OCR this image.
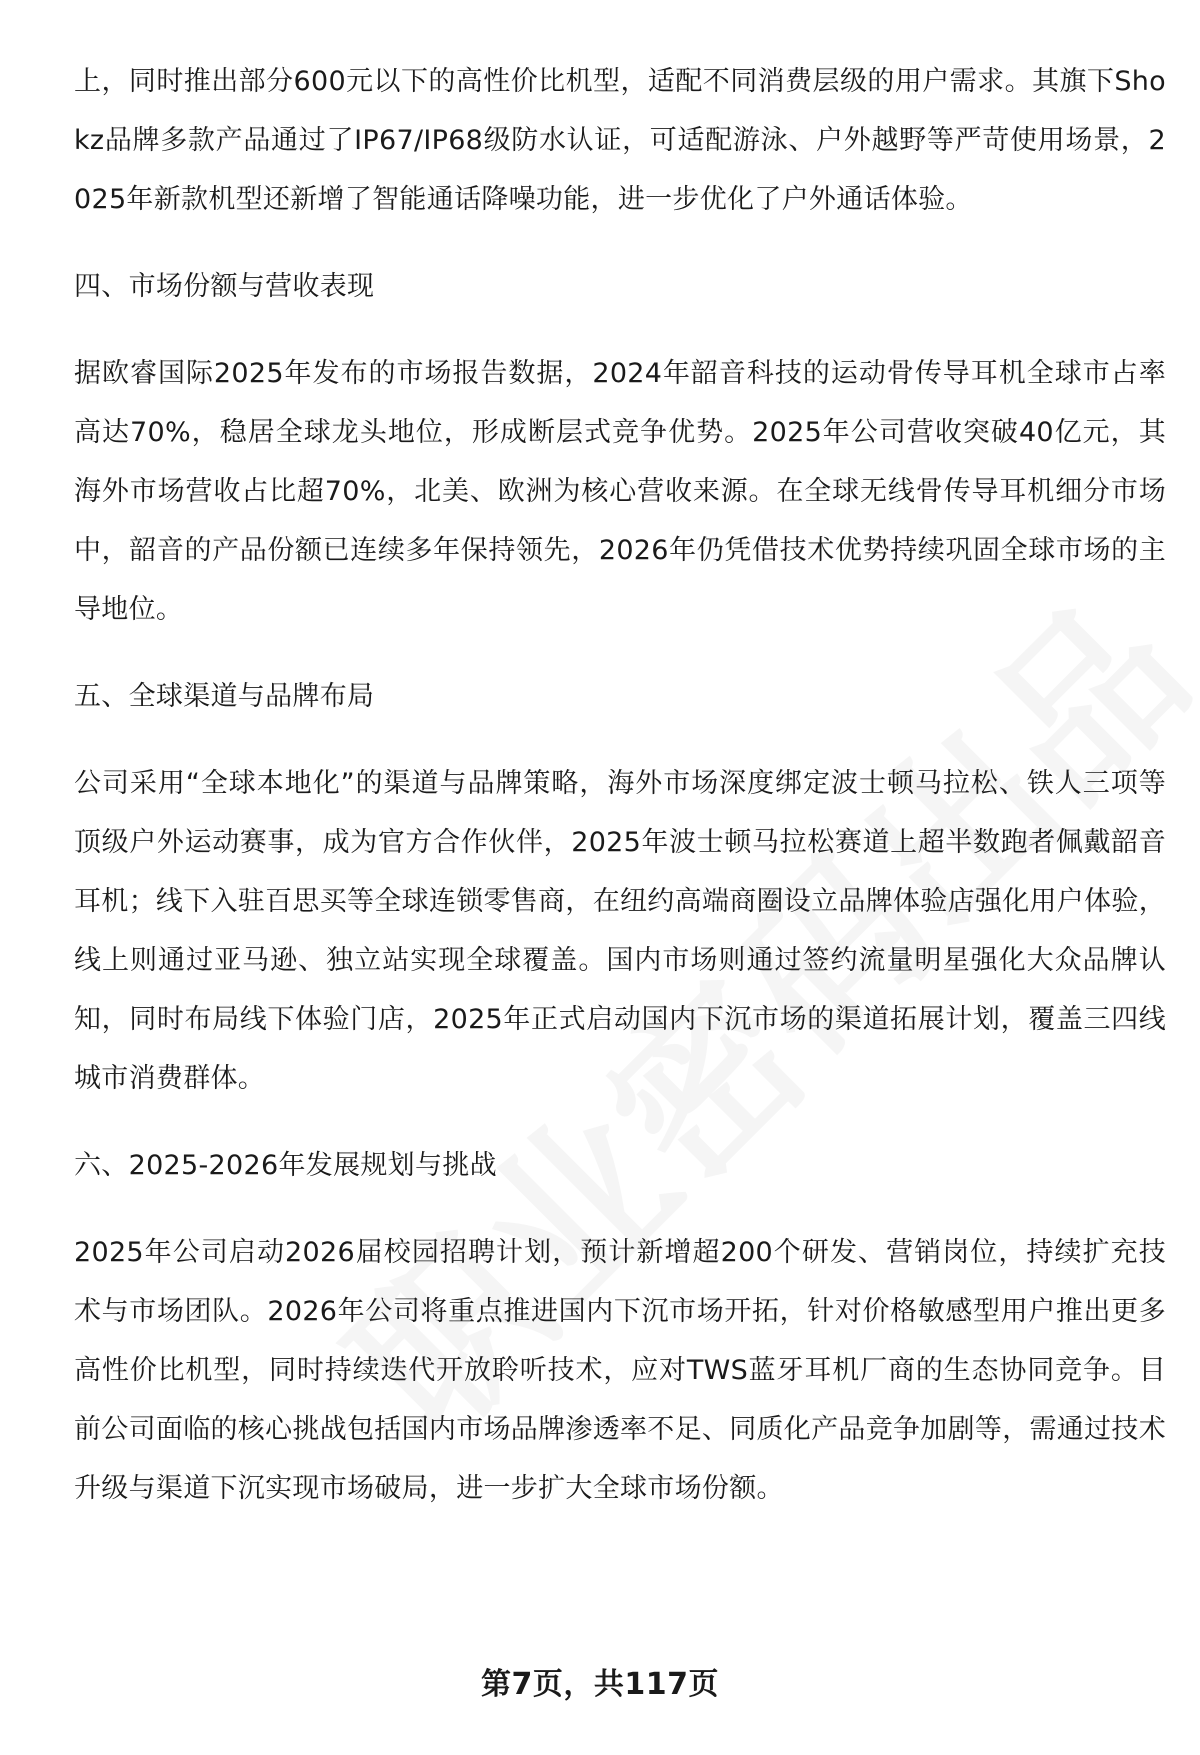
上，同时推出部分600元以下的高性价比机型，适配不同消费层级的用户需求。其旗下Shokz品牌多款产品通过了IP67/IP68级防水认证，可适配游泳、户外越野等严苛使用场景，2025年新款机型还新增了智能通话降噪功能，进一步优化了户外通话体验。

四、市场份额与营收表现

据欧睿国际2025年发布的市场报告数据，2024年韶音科技的运动骨传导耳机全球市占率高达70%，稳居全球龙头地位，形成断层式竞争优势。2025年公司营收突破40亿元，其海外市场营收占比超70%，北美、欧洲为核心营收来源。在全球无线骨传导耳机细分市场中，韶音的产品份额已连续多年保持领先，2026年仍凭借技术优势持续巩固全球市场的主导地位。

五、全球渠道与品牌布局

公司采用“全球本地化”的渠道与品牌策略，海外市场深度绑定波士顿马拉松、铁人三项等顶级户外运动赛事，成为官方合作伙伴，2025年波士顿马拉松赛道上超半数跑者佩戴韶音耳机；线下入驻百思买等全球连锁零售商，在纽约高端商圈设立品牌体验店强化用户体验，线上则通过亚马逊、独立站实现全球覆盖。国内市场则通过签约流量明星强化大众品牌认知，同时布局线下体验门店，2025年正式启动国内下沉市场的渠道拓展计划，覆盖三四线城市消费群体。

六、2025-2026年发展规划与挑战

2025年公司启动2026届校园招聘计划，预计新增超200个研发、营销岗位，持续扩充技术与市场团队。2026年公司将重点推进国内下沉市场开拓，针对价格敏感型用户推出更多高性价比机型，同时持续迭代开放聆听技术，应对TWS蓝牙耳机厂商的生态协同竞争。目前公司面临的核心挑战包括国内市场品牌渗透率不足、同质化产品竞争加剧等，需通过技术升级与渠道下沉实现市场破局，进一步扩大全球市场份额。

第7页，共117页
